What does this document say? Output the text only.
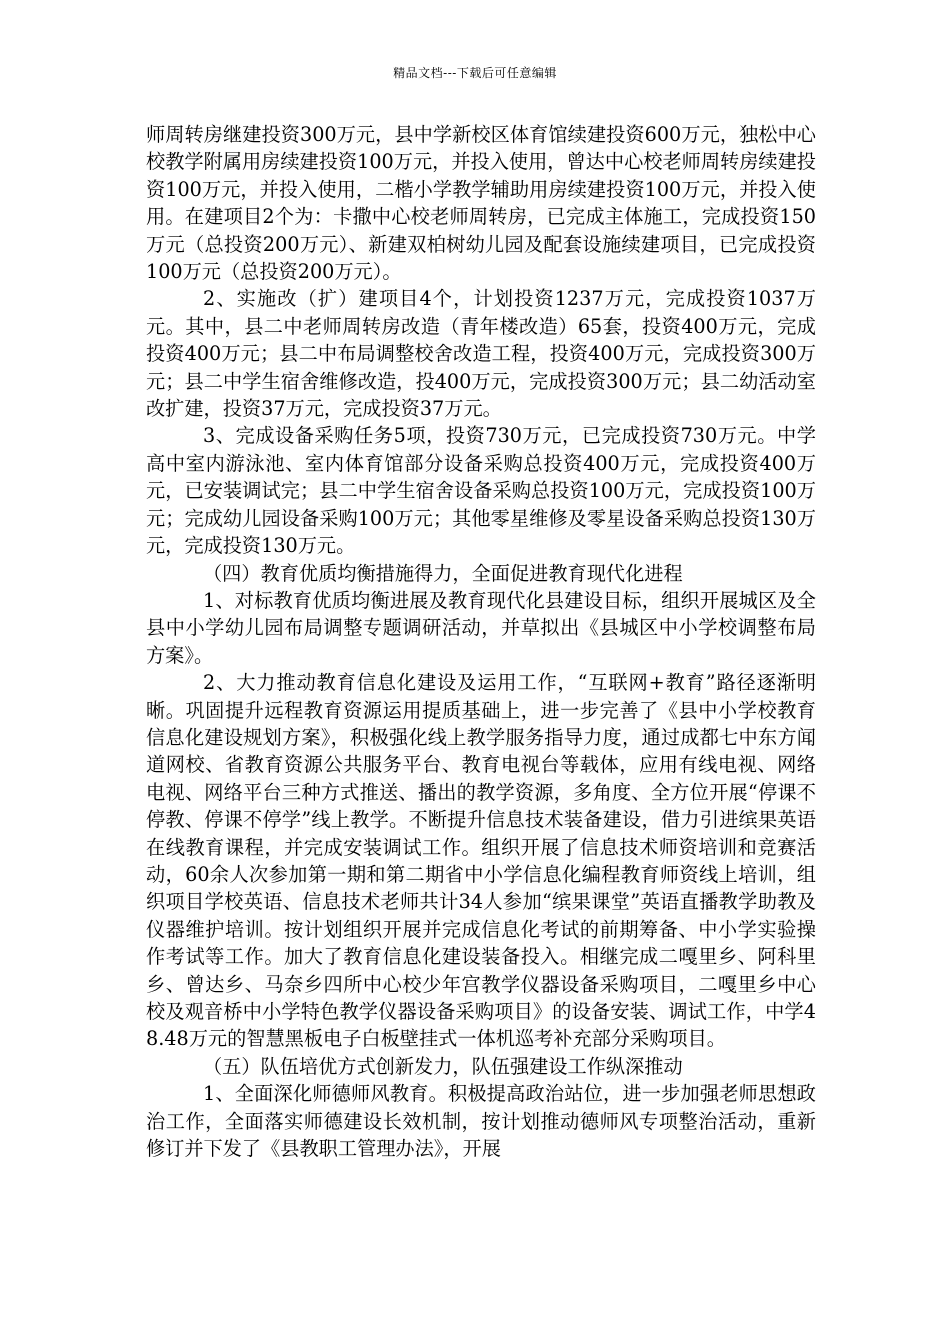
精品文档---下载后可任意编辑

师周转房继建投资300万元，县中学新校区体育馆续建投资600万元，独松中心校教学附属用房续建投资100万元，并投入使用，曾达中心校老师周转房续建投资100万元，并投入使用，二楷小学教学辅助用房续建投资100万元，并投入使用。在建项目2个为：卡撒中心校老师周转房，已完成主体施工，完成投资150万元（总投资200万元）、新建双柏树幼儿园及配套设施续建项目，已完成投资100万元（总投资200万元）。

2、实施改（扩）建项目4个，计划投资1237万元，完成投资1037万元。其中，县二中老师周转房改造（青年楼改造）65套，投资400万元，完成投资400万元；县二中布局调整校舍改造工程，投资400万元，完成投资300万元；县二中学生宿舍维修改造，投400万元，完成投资300万元；县二幼活动室改扩建，投资37万元，完成投资37万元。

3、完成设备采购任务5项，投资730万元，已完成投资730万元。中学高中室内游泳池、室内体育馆部分设备采购总投资400万元，完成投资400万元，已安装调试完；县二中学生宿舍设备采购总投资100万元，完成投资100万元；完成幼儿园设备采购100万元；其他零星维修及零星设备采购总投资130万元，完成投资130万元。

（四）教育优质均衡措施得力，全面促进教育现代化进程

1、对标教育优质均衡进展及教育现代化县建设目标，组织开展城区及全县中小学幼儿园布局调整专题调研活动，并草拟出《县城区中小学校调整布局方案》。

2、大力推动教育信息化建设及运用工作，“互联网+教育”路径逐渐明晰。巩固提升远程教育资源运用提质基础上，进一步完善了《县中小学校教育信息化建设规划方案》，积极强化线上教学服务指导力度，通过成都七中东方闻道网校、省教育资源公共服务平台、教育电视台等载体，应用有线电视、网络电视、网络平台三种方式推送、播出的教学资源，多角度、全方位开展“停课不停教、停课不停学”线上教学。不断提升信息技术装备建设，借力引进缤果英语在线教育课程，并完成安装调试工作。组织开展了信息技术师资培训和竞赛活动，60余人次参加第一期和第二期省中小学信息化编程教育师资线上培训，组织项目学校英语、信息技术老师共计34人参加“缤果课堂”英语直播教学助教及仪器维护培训。按计划组织开展并完成信息化考试的前期筹备、中小学实验操作考试等工作。加大了教育信息化建设装备投入。相继完成二嘎里乡、阿科里乡、曾达乡、马奈乡四所中心校少年宫教学仪器设备采购项目，二嘎里乡中心校及观音桥中小学特色教学仪器设备采购项目》的设备安装、调试工作，中学48.48万元的智慧黑板电子白板壁挂式一体机巡考补充部分采购项目。

（五）队伍培优方式创新发力，队伍强建设工作纵深推动

1、全面深化师德师风教育。积极提高政治站位，进一步加强老师思想政治工作，全面落实师德建设长效机制，按计划推动德师风专项整治活动，重新修订并下发了《县教职工管理办法》，开展
